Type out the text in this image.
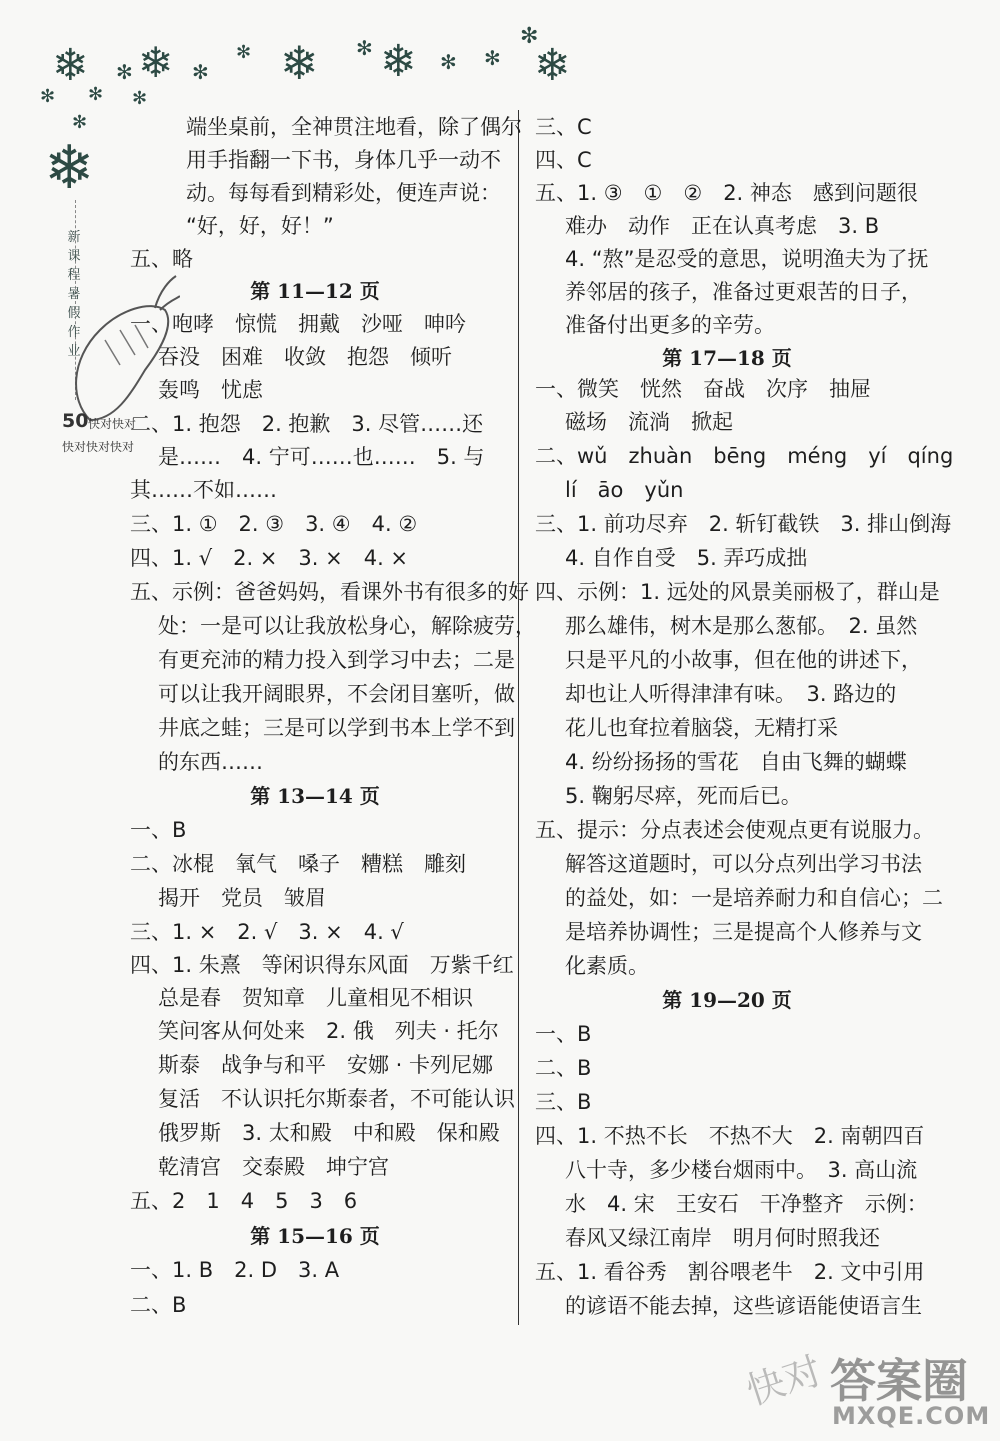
❄ ✻ ❄ ✻
✻ ❄ ✻ ❄ ✻ ✻
✻
❄
✻ ✻ ✻
✻
❄
新课程暑假作业
50 快对快对
快对快对快对
端坐桌前，全神贯注地看，除了偶尔
用手指翻一下书，身体几乎一动不
动。每每看到精彩处，便连声说：
“好，好，好！”
五、略
第 11—12 页
一、咆哮　惊慌　拥戴　沙哑　呻吟
吞没　困难　收敛　抱怨　倾听
轰鸣　忧虑
二、1. 抱怨　2. 抱歉　3. 尽管……还
是……　4. 宁可……也……　5. 与
其……不如……
三、1. ①　2. ③　3. ④　4. ②
四、1. √　2. ×　3. ×　4. ×
五、示例：爸爸妈妈，看课外书有很多的好
处：一是可以让我放松身心，解除疲劳，
有更充沛的精力投入到学习中去；二是
可以让我开阔眼界，不会闭目塞听，做
井底之蛙；三是可以学到书本上学不到
的东西……
第 13—14 页
一、B
二、冰棍　氧气　嗓子　糟糕　雕刻
揭开　党员　皱眉
三、1. ×　2. √　3. ×　4. √
四、1. 朱熹　等闲识得东风面　万紫千红
总是春　贺知章　儿童相见不相识
笑问客从何处来　2. 俄　列夫 · 托尔
斯泰　战争与和平　安娜 · 卡列尼娜
复活　不认识托尔斯泰者，不可能认识
俄罗斯　3. 太和殿　中和殿　保和殿
乾清宫　交泰殿　坤宁宫
五、2　1　4　5　3　6
第 15—16 页
一、1. B　2. D　3. A
二、B
三、C
四、C
五、1. ③　①　②　2. 神态　感到问题很
难办　动作　正在认真考虑　3. B
4. “熬”是忍受的意思，说明渔夫为了抚
养邻居的孩子，准备过更艰苦的日子，
准备付出更多的辛劳。
第 17—18 页
一、微笑　恍然　奋战　次序　抽屉
磁场　流淌　掀起
二、wǔ　zhuàn　bēng　méng　yí　qíng
lí　āo　yǔn
三、1. 前功尽弃　2. 斩钉截铁　3. 排山倒海
4. 自作自受　5. 弄巧成拙
四、示例：1. 远处的风景美丽极了，群山是
那么雄伟，树木是那么葱郁。　2. 虽然
只是平凡的小故事，但在他的讲述下，
却也让人听得津津有味。　3. 路边的
花儿也耷拉着脑袋，无精打采
4. 纷纷扬扬的雪花　自由飞舞的蝴蝶
5. 鞠躬尽瘁，死而后已。
五、提示：分点表述会使观点更有说服力。
解答这道题时，可以分点列出学习书法
的益处，如：一是培养耐力和自信心；二
是培养协调性；三是提高个人修养与文
化素质。
第 19—20 页
一、B
二、B
三、B
四、1. 不热不长　不热不大　2. 南朝四百
八十寺，多少楼台烟雨中。　3. 高山流
水　4. 宋　王安石　干净整齐　示例：
春风又绿江南岸　明月何时照我还
五、1. 看谷秀　割谷喂老牛　2. 文中引用
的谚语不能去掉，这些谚语能使语言生
快对 答案圈
MXQE.COM
